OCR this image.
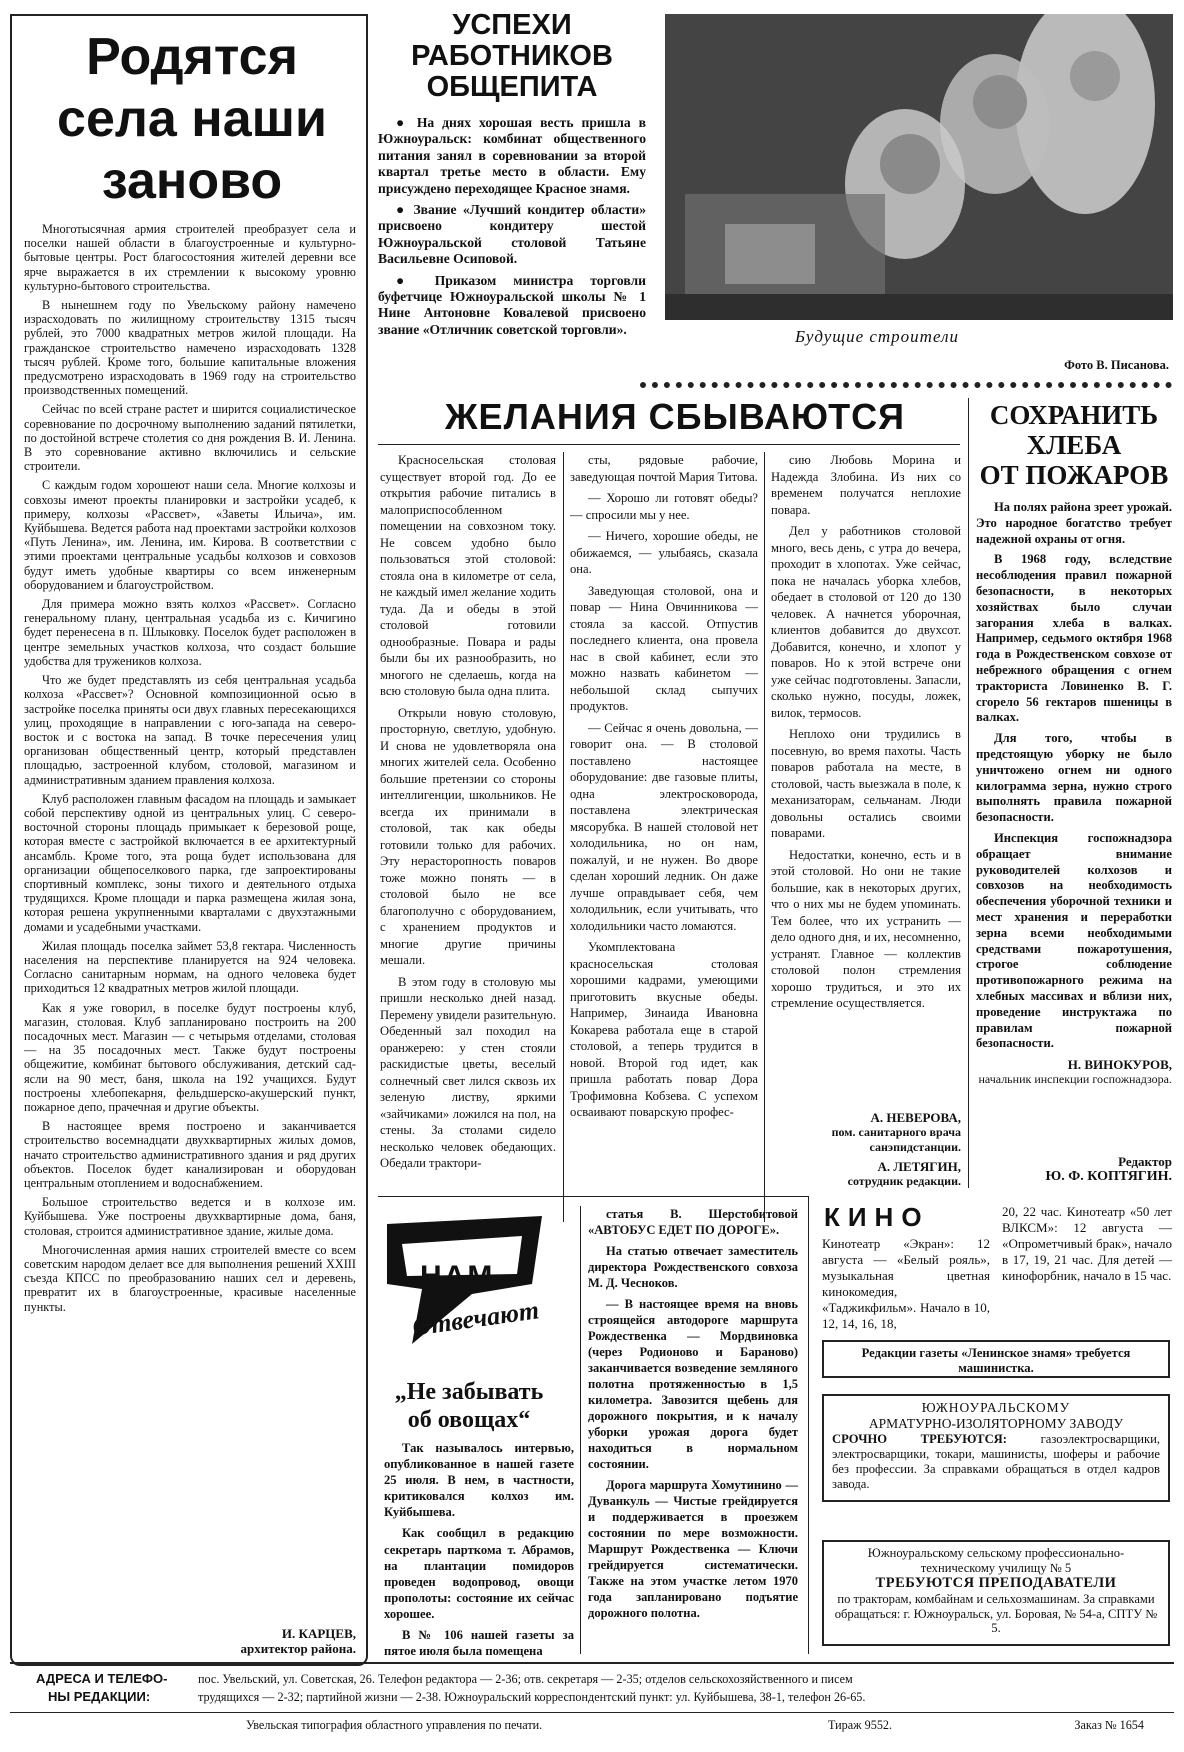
Родятся села наши заново

Многотысячная армия строителей преобразует села и поселки нашей области в благоустроенные и культурно-бытовые центры. Рост благосостояния жителей деревни все ярче выражается в их стремлении к высокому уровню культурно-бытового строительства.

В нынешнем году по Увельскому району намечено израсходовать по жилищному строительству 1315 тысяч рублей, это 7000 квадратных метров жилой площади. На гражданское строительство намечено израсходовать 1328 тысяч рублей. Кроме того, большие капитальные вложения предусмотрено израсходовать в 1969 году на строительство производственных помещений.

Сейчас по всей стране растет и ширится социалистическое соревнование по досрочному выполнению заданий пятилетки, по достойной встрече столетия со дня рождения В. И. Ленина. В это соревнование активно включились и сельские строители.

С каждым годом хорошеют наши села. Многие колхозы и совхозы имеют проекты планировки и застройки усадеб, к примеру, колхозы «Рассвет», «Заветы Ильича», им. Куйбышева. Ведется работа над проектами застройки колхозов «Путь Ленина», им. Ленина, им. Кирова. В соответствии с этими проектами центральные усадьбы колхозов и совхозов будут иметь удобные квартиры со всем инженерным оборудованием и благоустройством.

Для примера можно взять колхоз «Рассвет». Согласно генеральному плану, центральная усадьба из с. Кичигино будет перенесена в п. Шлыковку. Поселок будет расположен в центре земельных участков колхоза, что создаст большие удобства для тружеников колхоза.

Что же будет представлять из себя центральная усадьба колхоза «Рассвет»? Основной композиционной осью в застройке поселка приняты оси двух главных пересекающихся улиц, проходящие в направлении с юго-запада на северо-восток и с востока на запад. В точке пересечения улиц организован общественный центр, который представлен площадью, застроенной клубом, столовой, магазином и административным зданием правления колхоза.

Клуб расположен главным фасадом на площадь и замыкает собой перспективу одной из центральных улиц. С северо-восточной стороны площадь примыкает к березовой роще, которая вместе с застройкой включается в ее архитектурный ансамбль. Кроме того, эта роща будет использована для организации общепоселкового парка, где запроектированы спортивный комплекс, зоны тихого и деятельного отдыха трудящихся. Кроме площади и парка размещена жилая зона, которая решена укрупненными кварталами с двухэтажными домами и усадебными участками.

Жилая площадь поселка займет 53,8 гектара. Численность населения на перспективе планируется на 924 человека. Согласно санитарным нормам, на одного человека будет приходиться 12 квадратных метров жилой площади.

Как я уже говорил, в поселке будут построены клуб, магазин, столовая. Клуб запланировано построить на 200 посадочных мест. Магазин — с четырьмя отделами, столовая — на 35 посадочных мест. Также будут построены общежитие, комбинат бытового обслуживания, детский сад-ясли на 90 мест, баня, школа на 192 учащихся. Будут построены хлебопекарня, фельдшерско-акушерский пункт, пожарное депо, прачечная и другие объекты.

В настоящее время построено и заканчивается строительство восемнадцати двухквартирных жилых домов, начато строительство административного здания и ряд других объектов. Поселок будет канализирован и оборудован центральным отоплением и водоснабжением.

Большое строительство ведется и в колхозе им. Куйбышева. Уже построены двухквартирные дома, баня, столовая, строится административное здание, жилые дома.

Многочисленная армия наших строителей вместе со всем советским народом делает все для выполнения решений XXIII съезда КПСС по преобразованию наших сел и деревень, превратит их в благоустроенные, красивые населенные пункты.

И. КАРЦЕВ,
архитектор района.
УСПЕХИ
РАБОТНИКОВ
ОБЩЕПИТА

● На днях хорошая весть пришла в Южноуральск: комбинат общественного питания занял в соревновании за второй квартал третье место в области. Ему присуждено переходящее Красное знамя.

● Звание «Лучший кондитер области» присвоено кондитеру шестой Южноуральской столовой Татьяне Васильевне Осиповой.

● Приказом министра торговли буфетчице Южноуральской школы № 1 Нине Антоновне Ковалевой присвоено звание «Отличник советской торговли».	Будущие строители
Фото В. Писанова.
ЖЕЛАНИЯ СБЫВАЮТСЯ

Красносельская столовая существует второй год. До ее открытия рабочие питались в малоприспособленном помещении на совхозном току. Не совсем удобно было пользоваться этой столовой: стояла она в километре от села, не каждый имел желание ходить туда. Да и обеды в этой столовой готовили однообразные. Повара и рады были бы их разнообразить, но многого не сделаешь, когда на всю столовую была одна плита.

Открыли новую столовую, просторную, светлую, удобную. И снова не удовлетворяла она многих жителей села. Особенно большие претензии со стороны интеллигенции, школьников. Не всегда их принимали в столовой, так как обеды готовили только для рабочих. Эту нерасторопность поваров тоже можно понять — в столовой было не все благополучно с оборудованием, с хранением продуктов и многие другие причины мешали.

В этом году в столовую мы пришли несколько дней назад. Перемену увидели разительную. Обеденный зал походил на оранжерею: у стен стояли раскидистые цветы, веселый солнечный свет лился сквозь их зеленую листву, яркими «зайчиками» ложился на пол, на стены. За столами сидело несколько человек обедающих. Обедали трактори-

сты, рядовые рабочие, заведующая почтой Мария Титова.

— Хорошо ли готовят обеды? — спросили мы у нее.

— Ничего, хорошие обеды, не обижаемся, — улыбаясь, сказала она.

Заведующая столовой, она и повар — Нина Овчинникова — стояла за кассой. Отпустив последнего клиента, она провела нас в свой кабинет, если это можно назвать кабинетом — небольшой склад сыпучих продуктов.

— Сейчас я очень довольна, — говорит она. — В столовой поставлено настоящее оборудование: две газовые плиты, одна электросковорода, поставлена электрическая мясорубка. В нашей столовой нет холодильника, но он нам, пожалуй, и не нужен. Во дворе сделан хороший ледник. Он даже лучше оправдывает себя, чем холодильник, если учитывать, что холодильники часто ломаются.

Укомплектована красносельская столовая хорошими кадрами, умеющими приготовить вкусные обеды. Например, Зинаида Ивановна Кокарева работала еще в старой столовой, а теперь трудится в новой. Второй год идет, как пришла работать повар Дора Трофимовна Кобзева. С успехом осваивают поварскую профес-

сию Любовь Морина и Надежда Злобина. Из них со временем получатся неплохие повара.

Дел у работников столовой много, весь день, с утра до вечера, проходит в хлопотах. Уже сейчас, пока не началась уборка хлебов, обедает в столовой от 120 до 130 человек. А начнется уборочная, клиентов добавится до двухсот. Добавится, конечно, и хлопот у поваров. Но к этой встрече они уже сейчас подготовлены. Запасли, сколько нужно, посуды, ложек, вилок, термосов.

Неплохо они трудились в посевную, во время пахоты. Часть поваров работала на месте, в столовой, часть выезжала в поле, к механизаторам, сельчанам. Люди довольны остались своими поварами.

Недостатки, конечно, есть и в этой столовой. Но они не такие большие, как в некоторых других, что о них мы не будем упоминать. Тем более, что их устранить — дело одного дня, и их, несомненно, устранят. Главное — коллектив столовой полон стремления хорошо трудиться, и это их стремление осуществляется.

А. НЕВЕРОВА,
пом. санитарного врача санэпидстанции.
А. ЛЕТЯГИН,
сотрудник редакции.
СОХРАНИТЬ
ХЛЕБА
ОТ ПОЖАРОВ

На полях района зреет урожай. Это народное богатство требует надежной охраны от огня.

В 1968 году, вследствие несоблюдения правил пожарной безопасности, в некоторых хозяйствах было случаи загорания хлеба в валках. Например, седьмого октября 1968 года в Рождественском совхозе от небрежного обращения с огнем тракториста Ловиненко В. Г. сгорело 56 гектаров пшеницы в валках.

Для того, чтобы в предстоящую уборку не было уничтожено огнем ни одного килограмма зерна, нужно строго выполнять правила пожарной безопасности.

Инспекция госпожнадзора обращает внимание руководителей колхозов и совхозов на необходимость обеспечения уборочной техники и мест хранения и переработки зерна всеми необходимыми средствами пожаротушения, строгое соблюдение противопожарного режима на хлебных массивах и вблизи них, проведение инструктажа по правилам пожарной безопасности.

Н. ВИНОКУРОВ,
начальник инспекции госпожнадзора.
Редактор
Ю. Ф. КОПТЯГИН.
НАМ
Отвечают
„Не забывать об овощах“

Так называлось интервью, опубликованное в нашей газете 25 июля. В нем, в частности, критиковался колхоз им. Куйбышева.

Как сообщил в редакцию секретарь парткома т. Абрамов, на плантации помидоров проведен водопровод, овощи прополоты: состояние их сейчас хорошее.

В № 106 нашей газеты за пятое июля была помещена

статья В. Шерстобитовой «АВТОБУС ЕДЕТ ПО ДОРОГЕ».

На статью отвечает заместитель директора Рождественского совхоза М. Д. Чесноков.

— В настоящее время на вновь строящейся автодороге маршрута Рождественка — Мордвиновка (через Родионово и Бараново) заканчивается возведение земляного полотна протяженностью в 1,5 километра. Завозится щебень для дорожного покрытия, и к началу уборки урожая дорога будет находиться в нормальном состоянии.

Дорога маршрута Хомутинино — Дуванкуль — Чистые грейдируется и поддерживается в проезжем состоянии по мере возможности. Маршрут Рождественка — Ключи грейдируется систематически. Также на этом участке летом 1970 года запланировано подъятие дорожного полотна.

КИНО
Кинотеатр «Экран»: 12 августа — «Белый рояль», музыкальная цветная кинокомедия, «Таджикфильм». Начало в 10, 12, 14, 16, 18,
20, 22 час. Кинотеатр «50 лет ВЛКСМ»: 12 августа — «Опрометчивый брак», начало в 17, 19, 21 час. Для детей — кинофорбник, начало в 15 час.
Редакции газеты «Ленинское знамя» требуется машинистка.
ЮЖНОУРАЛЬСКОМУ
АРМАТУРНО-ИЗОЛЯТОРНОМУ ЗАВОДУ
СРОЧНО ТРЕБУЮТСЯ:	газоэлектросварщики, электросварщики, токари, машинисты, шоферы и рабочие без профессии. За справками обращаться в отдел кадров завода.
Южноуральскому сельскому профессионально-техническому училищу № 5
ТРЕБУЮТСЯ ПРЕПОДАВАТЕЛИ
по тракторам, комбайнам и сельхозмашинам. За справками обращаться: г. Южноуральск, ул. Боровая, № 54-а, СПТУ № 5.
АДРЕСА И ТЕЛЕФО-
НЫ РЕДАКЦИИ:
пос. Увельский, ул. Советская, 26. Телефон редактора — 2-36; отв. секретаря — 2-35; отделов сельскохозяйственного и писем
трудящихся — 2-32; партийной жизни — 2-38. Южноуральский корреспондентский пункт: ул. Куйбышева, 38-1, телефон 26-65.
Увельская типография областного управления по печати.	Тираж 9552.	Заказ № 1654
